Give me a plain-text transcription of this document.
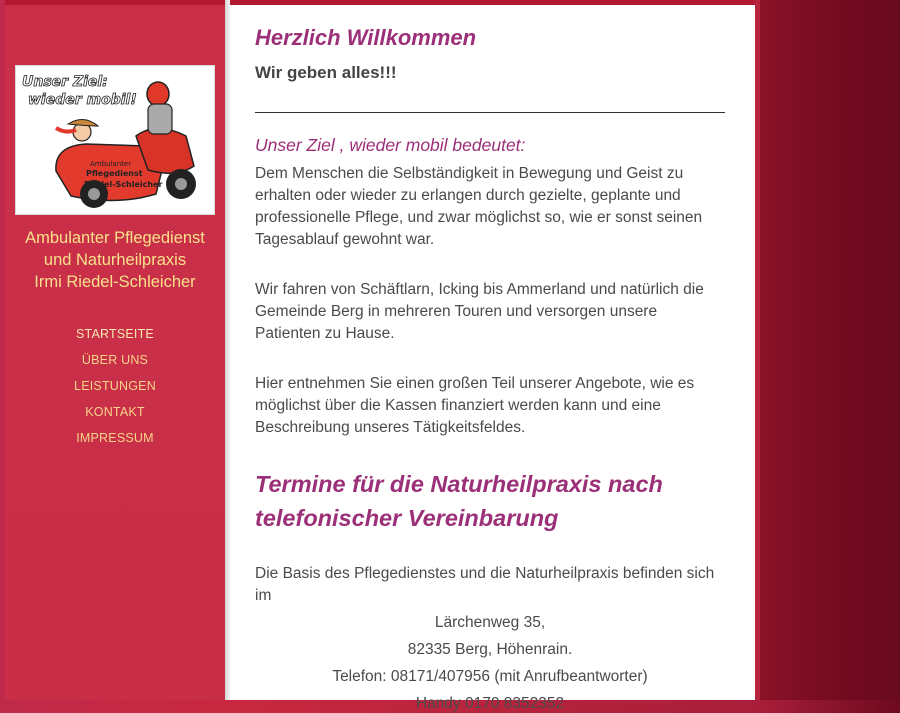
Unser Ziel:
wieder mobil!
Ambulanter
Pflegedienst
Riedel-Schleicher
Ambulanter Pflegedienst
und Naturheilpraxis
Irmi Riedel-Schleicher
STARTSEITE
ÜBER UNS
LEISTUNGEN
KONTAKT
IMPRESSUM
Herzlich Willkommen

Wir geben alles!!!

Unser Ziel , wieder mobil bedeutet:

Dem Menschen die Selbständigkeit in Bewegung und Geist zu erhalten oder wieder zu erlangen durch gezielte, geplante und professionelle Pflege, und zwar möglichst so, wie er sonst seinen Tagesablauf gewohnt war.

Wir fahren von Schäftlarn, Icking bis Ammerland und natürlich die Gemeinde Berg in mehreren Touren und versorgen unsere Patienten zu Hause.

Hier entnehmen Sie einen großen Teil unserer Angebote, wie es möglichst über die Kassen finanziert werden kann und eine Beschreibung unseres Tätigkeitsfeldes.

Termine für die Naturheilpraxis nach telefonischer Vereinbarung

Die Basis des Pflegedienstes und die Naturheilpraxis befinden sich im

Lärchenweg 35,

82335 Berg, Höhenrain.

Telefon: 08171/407956 (mit Anrufbeantworter)

Handy 0170 8352352
